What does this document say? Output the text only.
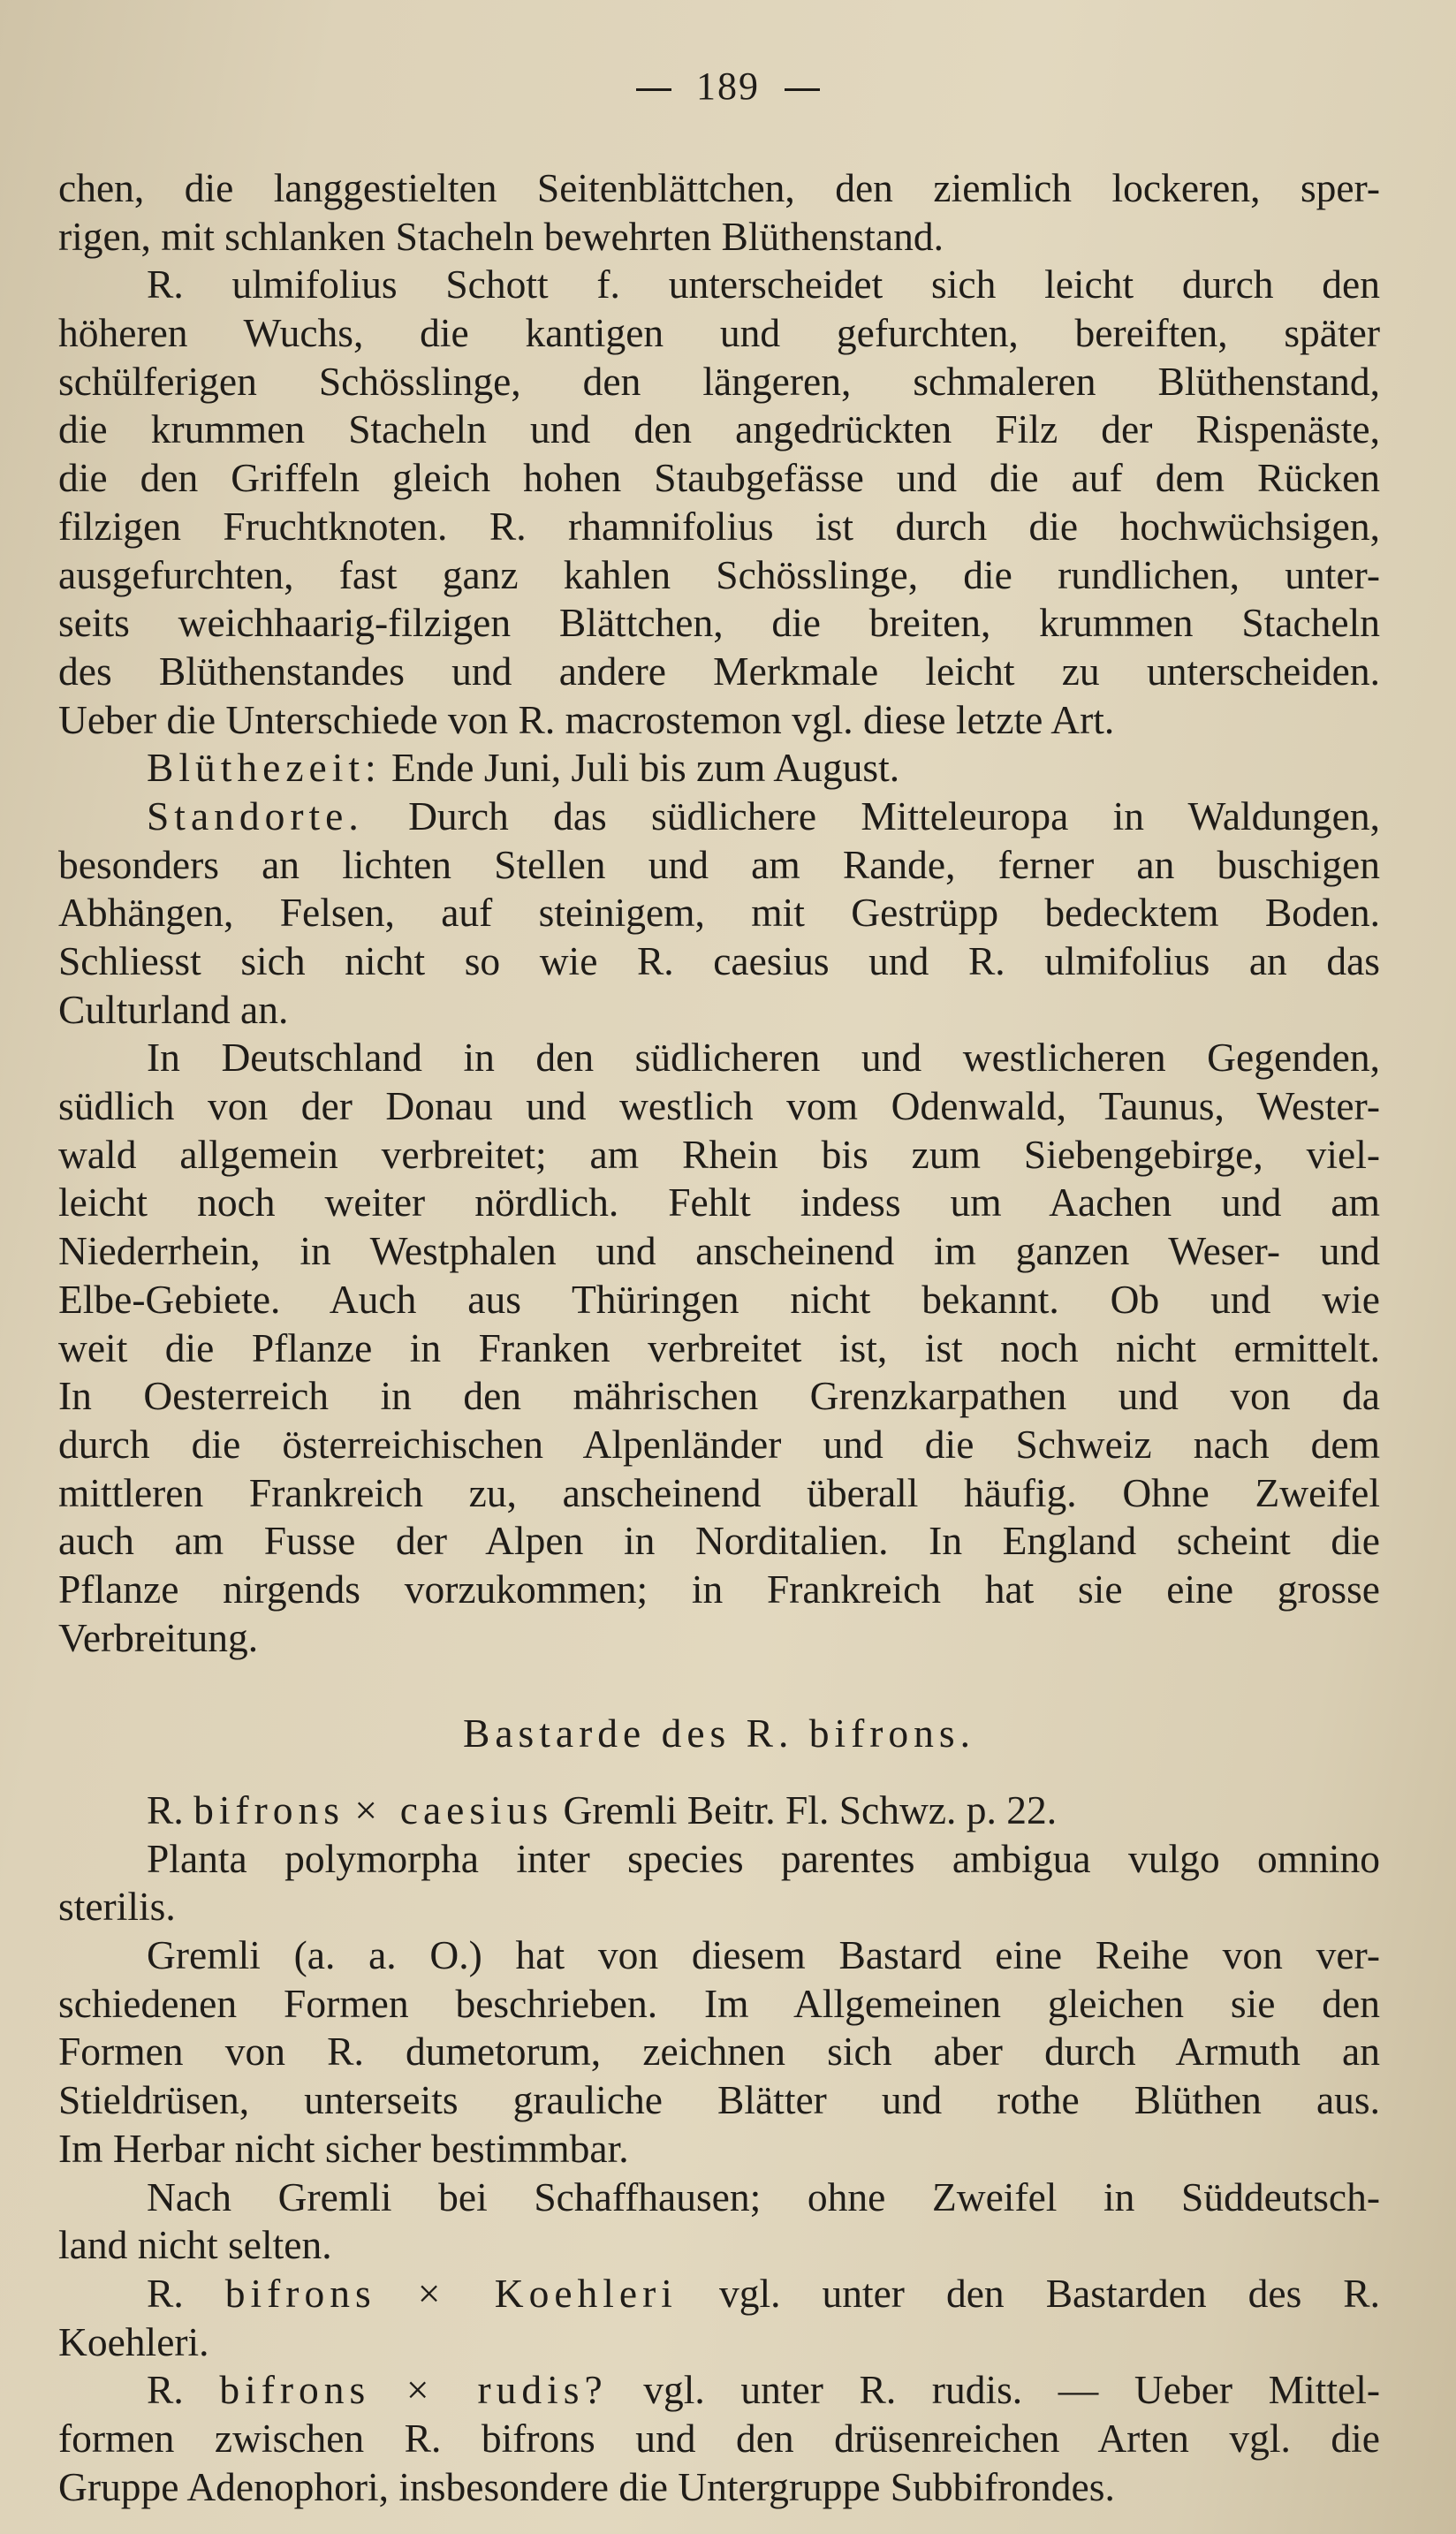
189
chen, die langgestielten Seitenblättchen, den ziemlich lockeren, sper-
rigen, mit schlanken Stacheln bewehrten Blüthenstand.
R. ulmifolius Schott f. unterscheidet sich leicht durch den
höheren Wuchs, die kantigen und gefurchten, bereiften, später
schülferigen Schösslinge, den längeren, schmaleren Blüthenstand,
die krummen Stacheln und den angedrückten Filz der Rispenäste,
die den Griffeln gleich hohen Staubgefässe und die auf dem Rücken
filzigen Fruchtknoten. R. rhamnifolius ist durch die hochwüchsigen,
ausgefurchten, fast ganz kahlen Schösslinge, die rundlichen, unter-
seits weichhaarig-filzigen Blättchen, die breiten, krummen Stacheln
des Blüthenstandes und andere Merkmale leicht zu unterscheiden.
Ueber die Unterschiede von R. macrostemon vgl. diese letzte Art.
Blüthezeit: Ende Juni, Juli bis zum August.
Standorte. Durch das südlichere Mitteleuropa in Waldungen,
besonders an lichten Stellen und am Rande, ferner an buschigen
Abhängen, Felsen, auf steinigem, mit Gestrüpp bedecktem Boden.
Schliesst sich nicht so wie R. caesius und R. ulmifolius an das
Culturland an.
In Deutschland in den südlicheren und westlicheren Gegenden,
südlich von der Donau und westlich vom Odenwald, Taunus, Wester-
wald allgemein verbreitet; am Rhein bis zum Siebengebirge, viel-
leicht noch weiter nördlich. Fehlt indess um Aachen und am
Niederrhein, in Westphalen und anscheinend im ganzen Weser- und
Elbe-Gebiete. Auch aus Thüringen nicht bekannt. Ob und wie
weit die Pflanze in Franken verbreitet ist, ist noch nicht ermittelt.
In Oesterreich in den mährischen Grenzkarpathen und von da
durch die österreichischen Alpenländer und die Schweiz nach dem
mittleren Frankreich zu, anscheinend überall häufig. Ohne Zweifel
auch am Fusse der Alpen in Norditalien. In England scheint die
Pflanze nirgends vorzukommen; in Frankreich hat sie eine grosse
Verbreitung.
Bastarde des R. bifrons.
R. bifrons × caesius Gremli Beitr. Fl. Schwz. p. 22.
Planta polymorpha inter species parentes ambigua vulgo omnino
sterilis.
Gremli (a. a. O.) hat von diesem Bastard eine Reihe von ver-
schiedenen Formen beschrieben. Im Allgemeinen gleichen sie den
Formen von R. dumetorum, zeichnen sich aber durch Armuth an
Stieldrüsen, unterseits grauliche Blätter und rothe Blüthen aus.
Im Herbar nicht sicher bestimmbar.
Nach Gremli bei Schaffhausen; ohne Zweifel in Süddeutsch-
land nicht selten.
R. bifrons × Koehleri vgl. unter den Bastarden des R.
Koehleri.
R. bifrons × rudis? vgl. unter R. rudis. — Ueber Mittel-
formen zwischen R. bifrons und den drüsenreichen Arten vgl. die
Gruppe Adenophori, insbesondere die Untergruppe Subbifrondes.
